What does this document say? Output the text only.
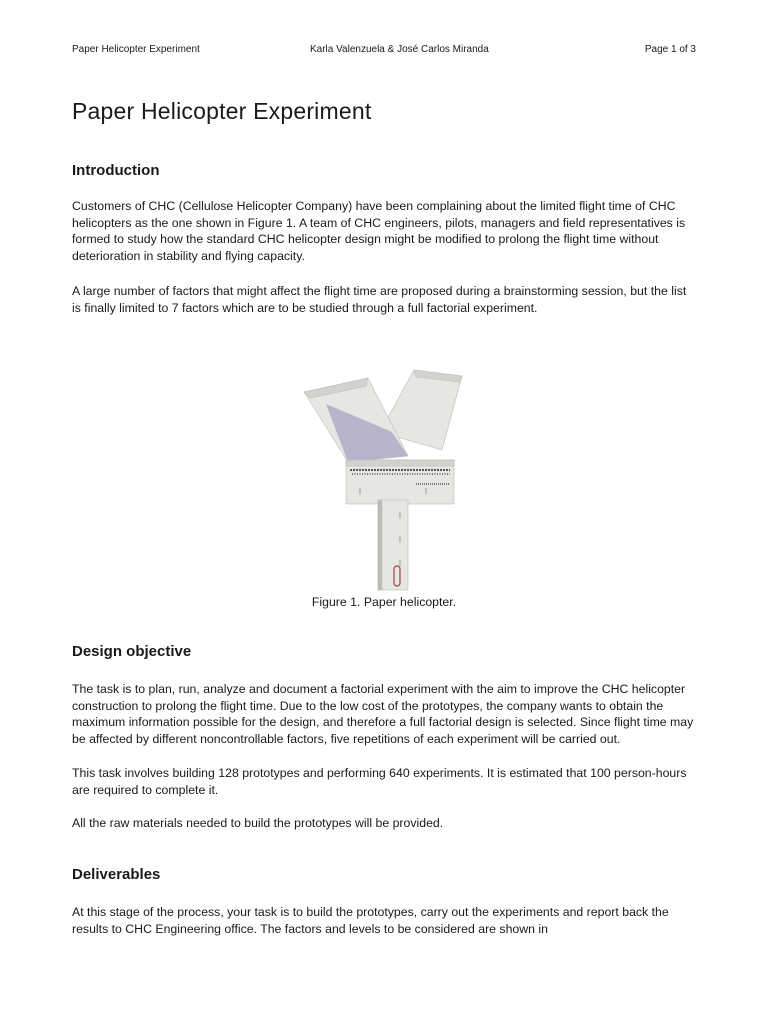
Paper Helicopter Experiment	Karla Valenzuela & José Carlos Miranda	Page 1 of 3
Paper Helicopter Experiment
Introduction

Customers of CHC (Cellulose Helicopter Company) have been complaining about the limited flight time of CHC helicopters as the one shown in Figure 1. A team of CHC engineers, pilots, managers and field representatives is formed to study how the standard CHC helicopter design might be modified to prolong the flight time without deterioration in stability and flying capacity.

A large number of factors that might affect the flight time are proposed during a brainstorming session, but the list is finally limited to 7 factors which are to be studied through a full factorial experiment.

Figure 1. Paper helicopter.
Design objective

The task is to plan, run, analyze and document a factorial experiment with the aim to improve the CHC helicopter construction to prolong the flight time. Due to the low cost of the prototypes, the company wants to obtain the maximum information possible for the design, and therefore a full factorial design is selected. Since flight time may be affected by different noncontrollable factors, five repetitions of each experiment will be carried out.

This task involves building 128 prototypes and performing 640 experiments. It is estimated that 100 person-hours are required to complete it.

All the raw materials needed to build the prototypes will be provided.

Deliverables

At this stage of the process, your task is to build the prototypes, carry out the experiments and report back the results to CHC Engineering office. The factors and levels to be considered are shown in
